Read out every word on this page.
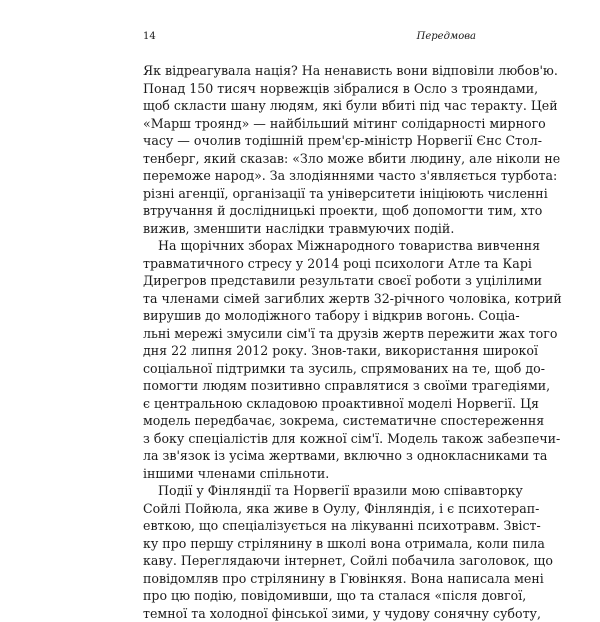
14	Передмова

Як відреагувала нація? На ненависть вони відповіли любов'ю.
Понад 150 тисяч норвежців зібралися в Осло з трояндами,
щоб скласти шану людям, які були вбиті під час теракту. Цей
«Марш троянд» — найбільший мітинг солідарності мирного
часу — очолив тодішній прем'єр-міністр Норвегії Єнс Стол-
тенберг, який сказав: «Зло може вбити людину, але ніколи не
переможе народ». За злодіяннями часто з'являється турбота:
різні агенції, організації та університети ініціюють численні
втручання й дослідницькі проекти, щоб допомогти тим, хто
вижив, зменшити наслідки травмуючих подій.

На щорічних зборах Міжнародного товариства вивчення
травматичного стресу у 2014 році психологи Атле та Карі
Дирегров представили результати своєї роботи з уцілілими
та членами сімей загиблих жертв 32-річного чоловіка, котрий
вирушив до молодіжного табору і відкрив вогонь. Соціа-
льні мережі змусили сім'ї та друзів жертв пережити жах того
дня 22 липня 2012 року. Знов-таки, використання широкої
соціальної підтримки та зусиль, спрямованих на те, щоб до-
помогти людям позитивно справлятися з своїми трагедіями,
є центральною складовою проактивної моделі Норвегії. Ця
модель передбачає, зокрема, систематичне спостереження
з боку спеціалістів для кожної сім'ї. Модель також забезпечи-
ла зв'язок із усіма жертвами, включно з однокласниками та
іншими членами спільноти.

Події у Фінляндії та Норвегії вразили мою співавторку
Сойлі Пойюла, яка живе в Оулу, Фінляндія, і є психотерап-
евткою, що спеціалізується на лікуванні психотравм. Звіст-
ку про першу стрілянину в школі вона отримала, коли пила
каву. Переглядаючи інтернет, Сойлі побачила заголовок, що
повідомляв про стрілянину в Гювінкяя. Вона написала мені
про цю подію, повідомивши, що та сталася «після довгої,
темної та холодної фінської зими, у чудову сонячну суботу,
